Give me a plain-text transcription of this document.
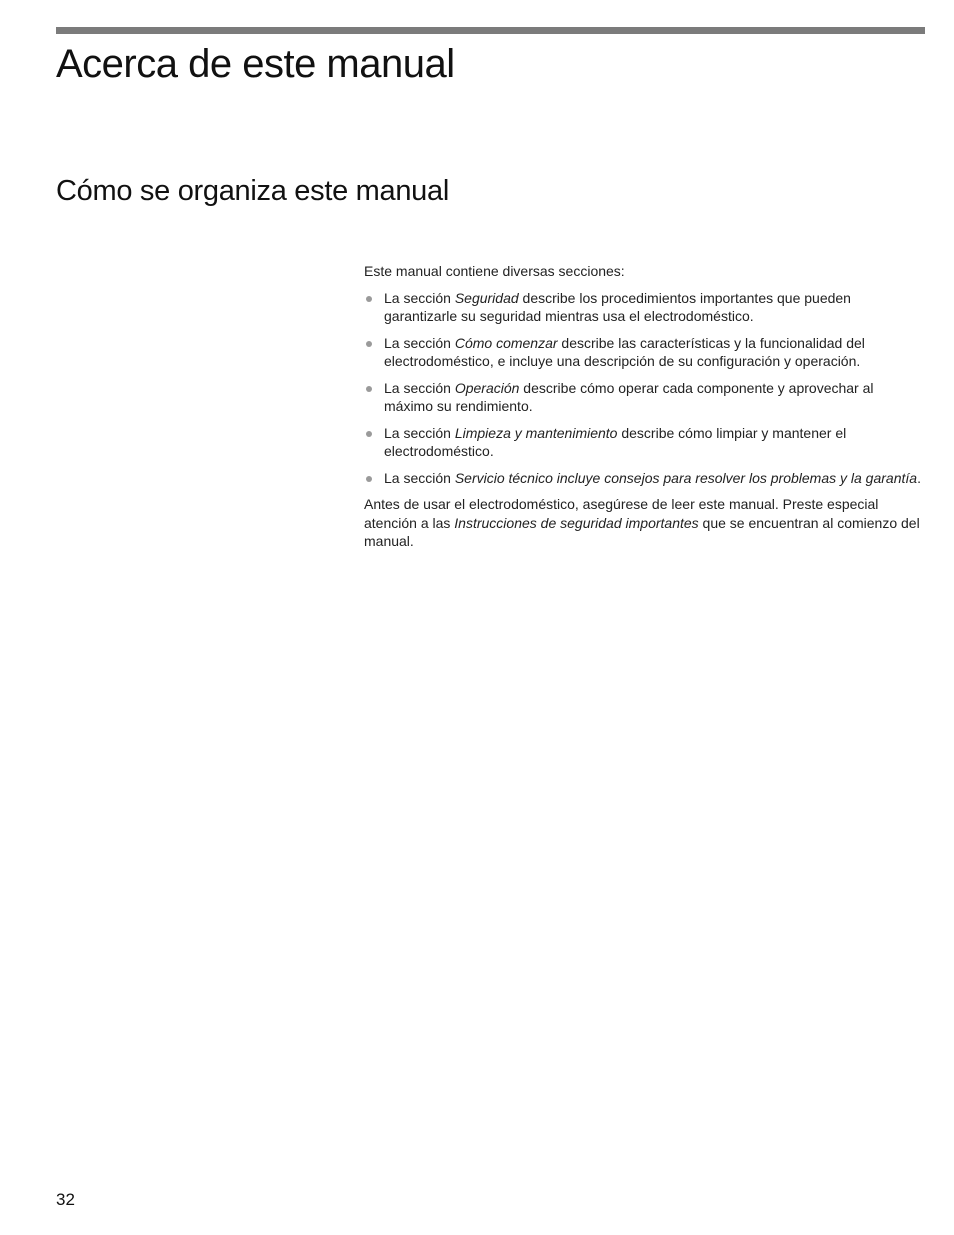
Acerca de este manual
Cómo se organiza este manual

Este manual contiene diversas secciones:

La sección Seguridad describe los procedimientos importantes que pueden garantizarle su seguridad mientras usa el electrodoméstico.
La sección Cómo comenzar describe las características y la funcionalidad del electrodoméstico, e incluye una descripción de su configuración y operación.
La sección Operación describe cómo operar cada componente y aprovechar al máximo su rendimiento.
La sección Limpieza y mantenimiento describe cómo limpiar y mantener el electrodoméstico.
La sección Servicio técnico incluye consejos para resolver los problemas y la garantía.

Antes de usar el electrodoméstico, asegúrese de leer este manual. Preste especial atención a las Instrucciones de seguridad importantes que se encuentran al comienzo del manual.

32
